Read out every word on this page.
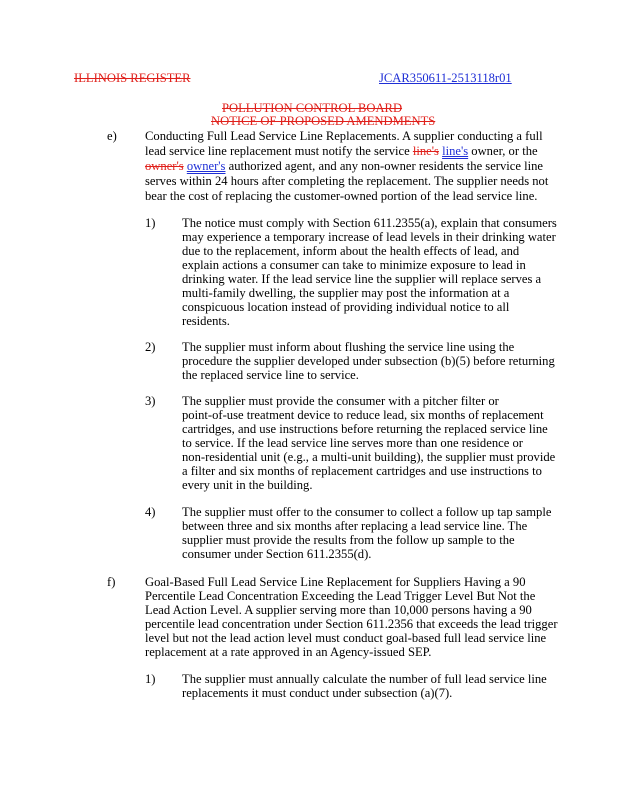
ILLINOIS REGISTER	JCAR350611-2513118r01
POLLUTION CONTROL BOARD
NOTICE OF PROPOSED AMENDMENTS
e) Conducting Full Lead Service Line Replacements. A supplier conducting a full
lead service line replacement must notify the service line's line's owner, or the
owner's owner's authorized agent, and any non-owner residents the service line
serves within 24 hours after completing the replacement. The supplier needs not
bear the cost of replacing the customer-owned portion of the lead service line.
1) The notice must comply with Section 611.2355(a), explain that consumers
may experience a temporary increase of lead levels in their drinking water
due to the replacement, inform about the health effects of lead, and
explain actions a consumer can take to minimize exposure to lead in
drinking water. If the lead service line the supplier will replace serves a
multi-family dwelling, the supplier may post the information at a
conspicuous location instead of providing individual notice to all
residents.
2) The supplier must inform about flushing the service line using the
procedure the supplier developed under subsection (b)(5) before returning
the replaced service line to service.
3) The supplier must provide the consumer with a pitcher filter or
point-of-use treatment device to reduce lead, six months of replacement
cartridges, and use instructions before returning the replaced service line
to service. If the lead service line serves more than one residence or
non-residential unit (e.g., a multi-unit building), the supplier must provide
a filter and six months of replacement cartridges and use instructions to
every unit in the building.
4) The supplier must offer to the consumer to collect a follow up tap sample
between three and six months after replacing a lead service line. The
supplier must provide the results from the follow up sample to the
consumer under Section 611.2355(d).
f) Goal-Based Full Lead Service Line Replacement for Suppliers Having a 90
Percentile Lead Concentration Exceeding the Lead Trigger Level But Not the
Lead Action Level. A supplier serving more than 10,000 persons having a 90
percentile lead concentration under Section 611.2356 that exceeds the lead trigger
level but not the lead action level must conduct goal-based full lead service line
replacement at a rate approved in an Agency-issued SEP.
1) The supplier must annually calculate the number of full lead service line
replacements it must conduct under subsection (a)(7).
